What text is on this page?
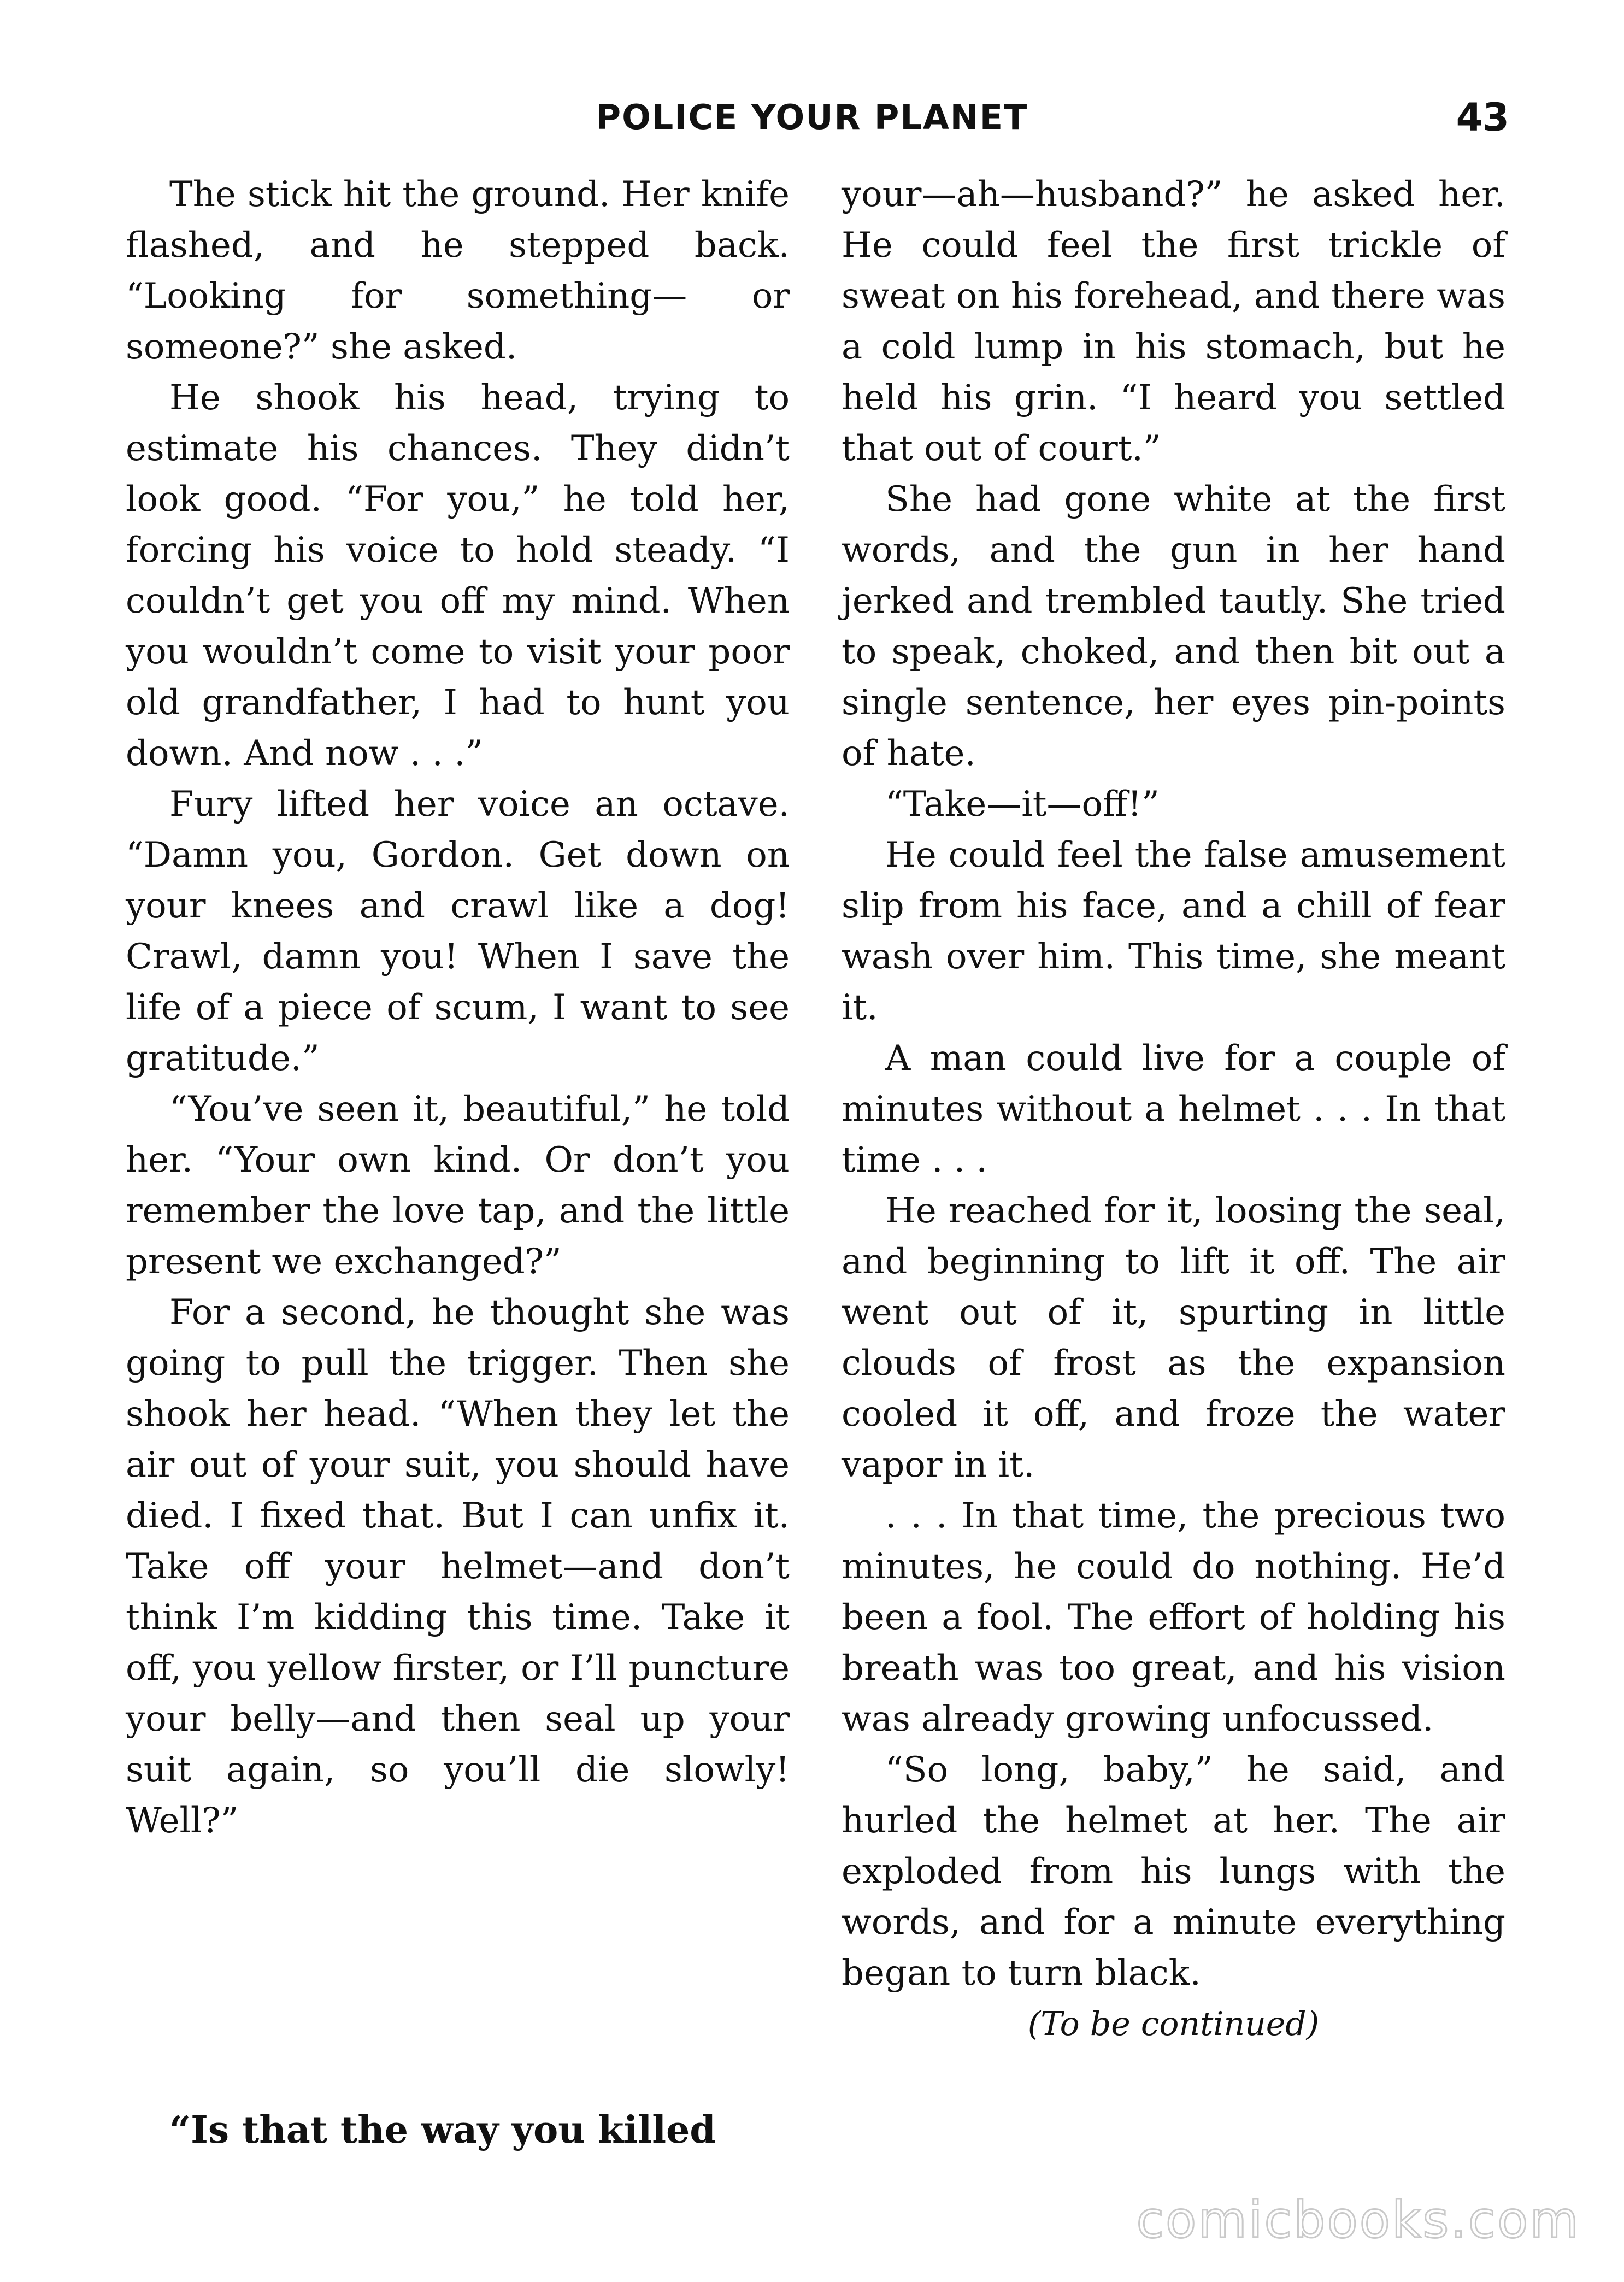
POLICE YOUR PLANET	43

The stick hit the ground. Her knife flashed, and he stepped back. “Looking for something— or someone?” she asked.

He shook his head, trying to estimate his chances. They didn’t look good. “For you,” he told her, forcing his voice to hold steady. “I couldn’t get you off my mind. When you wouldn’t come to visit your poor old grandfather, I had to hunt you down. And now . . .”

Fury lifted her voice an octave. “Damn you, Gordon. Get down on your knees and crawl like a dog! Crawl, damn you! When I save the life of a piece of scum, I want to see gratitude.”

“You’ve seen it, beautiful,” he told her. “Your own kind. Or don’t you remember the love tap, and the little present we exchanged?”

For a second, he thought she was going to pull the trigger. Then she shook her head. “When they let the air out of your suit, you should have died. I fixed that. But I can unfix it. Take off your helmet—and don’t think I’m kidding this time. Take it off, you yellow firster, or I’ll puncture your belly—and then seal up your suit again, so you’ll die slowly! Well?”

“Is that the way you killed

your—ah—husband?” he asked her. He could feel the first trickle of sweat on his forehead, and there was a cold lump in his stomach, but he held his grin. “I heard you settled that out of court.”

She had gone white at the first words, and the gun in her hand jerked and trembled tautly. She tried to speak, choked, and then bit out a single sentence, her eyes pin-points of hate.

“Take—it—off!”

He could feel the false amusement slip from his face, and a chill of fear wash over him. This time, she meant it.

A man could live for a couple of minutes without a helmet . . . In that time . . .

He reached for it, loosing the seal, and beginning to lift it off. The air went out of it, spurting in little clouds of frost as the expansion cooled it off, and froze the water vapor in it.

. . . In that time, the precious two minutes, he could do nothing. He’d been a fool. The effort of holding his breath was too great, and his vision was already growing unfocussed.

“So long, baby,” he said, and hurled the helmet at her. The air exploded from his lungs with the words, and for a minute everything began to turn black.

(To be continued)

comicbooks.com
